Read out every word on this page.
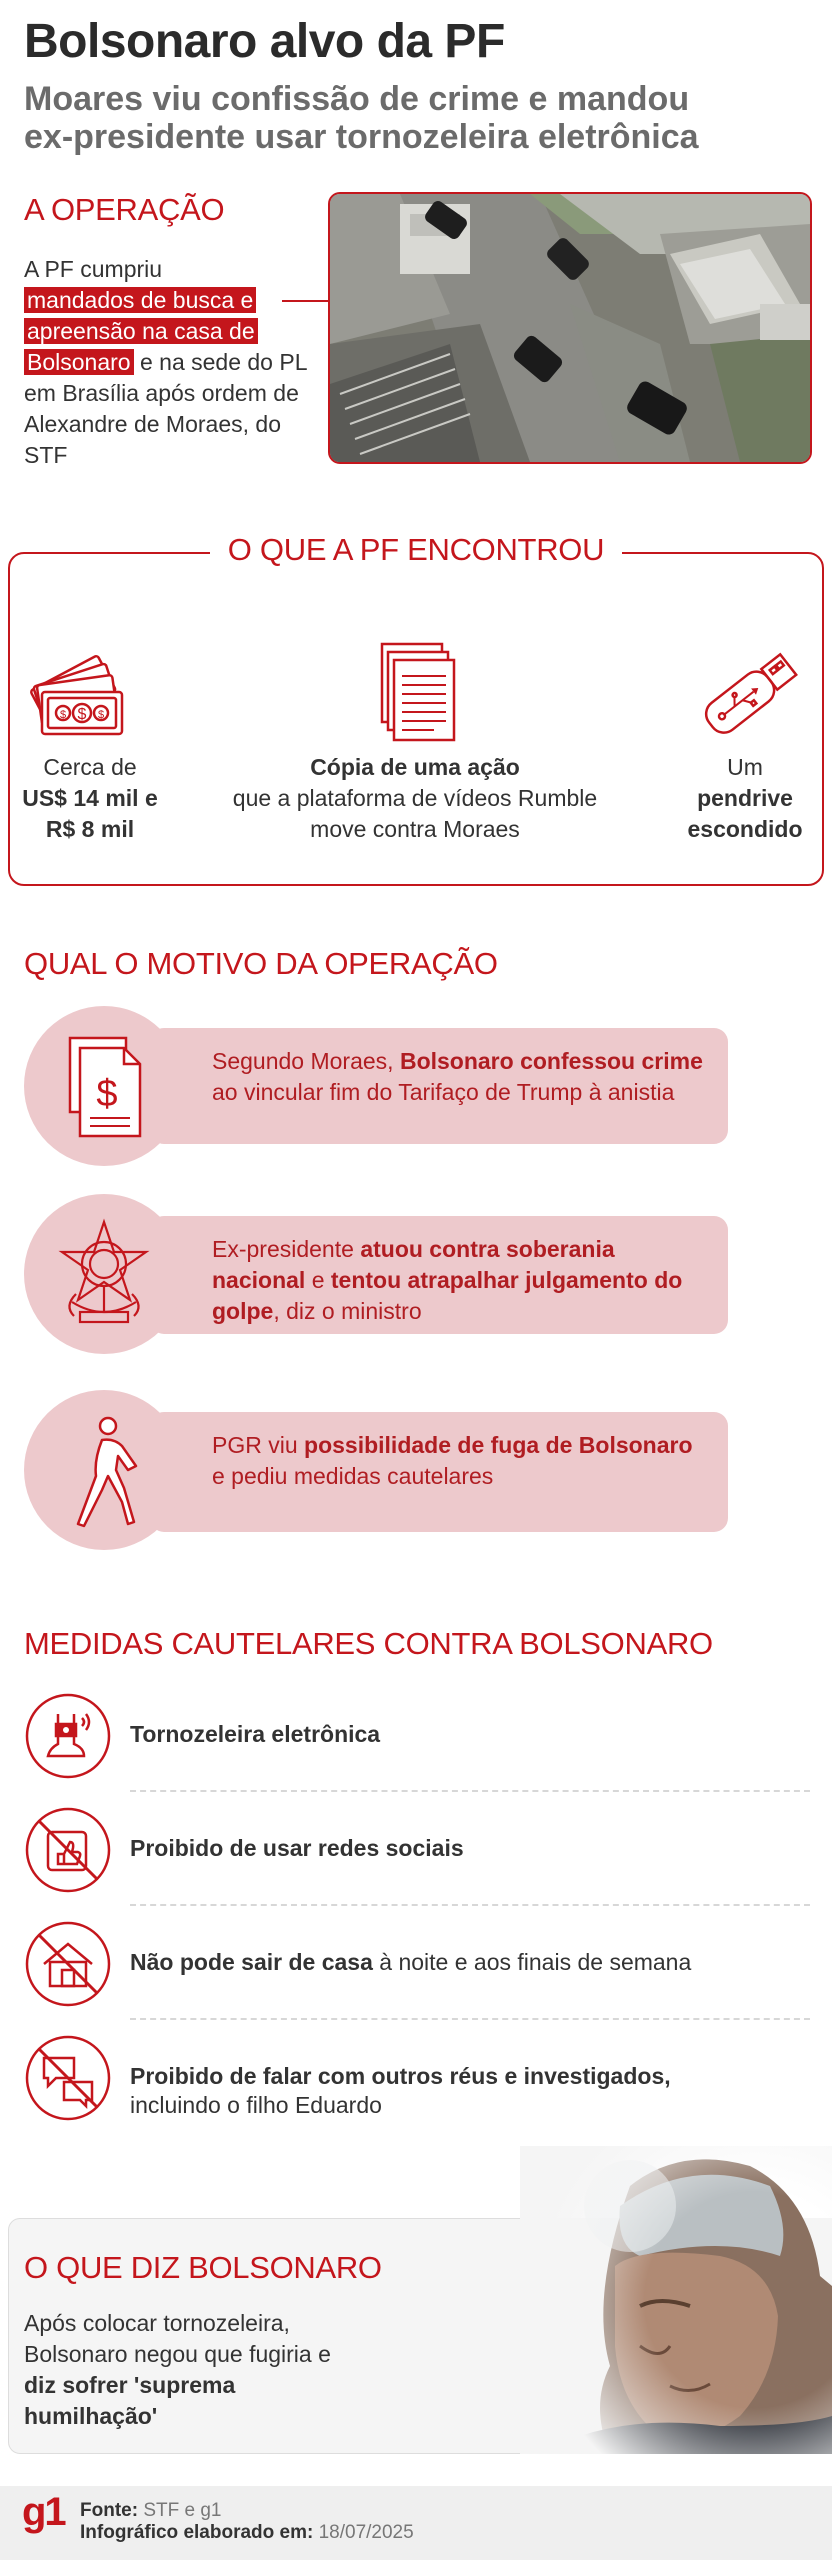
Bolsonaro alvo da PF
Moares viu confissão de crime e mandou
ex-presidente usar tornozeleira eletrônica
A OPERAÇÃO
A PF cumpriu
mandados de busca e apreensão na casa de Bolsonaro e na sede do PL em Brasília após ordem de Alexandre de Moraes, do STF
O QUE A PF ENCONTROU
$
$	$
Cerca de
US$ 14 mil e R$ 8 mil
Cópia de uma ação
que a plataforma de vídeos Rumble move contra Moraes
Um
pendrive escondido
QUAL O MOTIVO DA OPERAÇÃO
Segundo Moraes, Bolsonaro confessou crime ao vincular fim do Tarifaço de Trump à anistia
$
Ex-presidente atuou contra soberania nacional e tentou atrapalhar julgamento do golpe, diz o ministro
PGR viu possibilidade de fuga de Bolsonaro e pediu medidas cautelares
MEDIDAS CAUTELARES CONTRA BOLSONARO
Tornozeleira eletrônica
Proibido de usar redes sociais
Não pode sair de casa à noite e aos finais de semana
Proibido de falar com outros réus e investigados,
incluindo o filho Eduardo
O QUE DIZ BOLSONARO
Após colocar tornozeleira, Bolsonaro negou que fugiria e diz sofrer 'suprema humilhação'
g1 Fonte: STF e g1
Infográfico elaborado em: 18/07/2025
